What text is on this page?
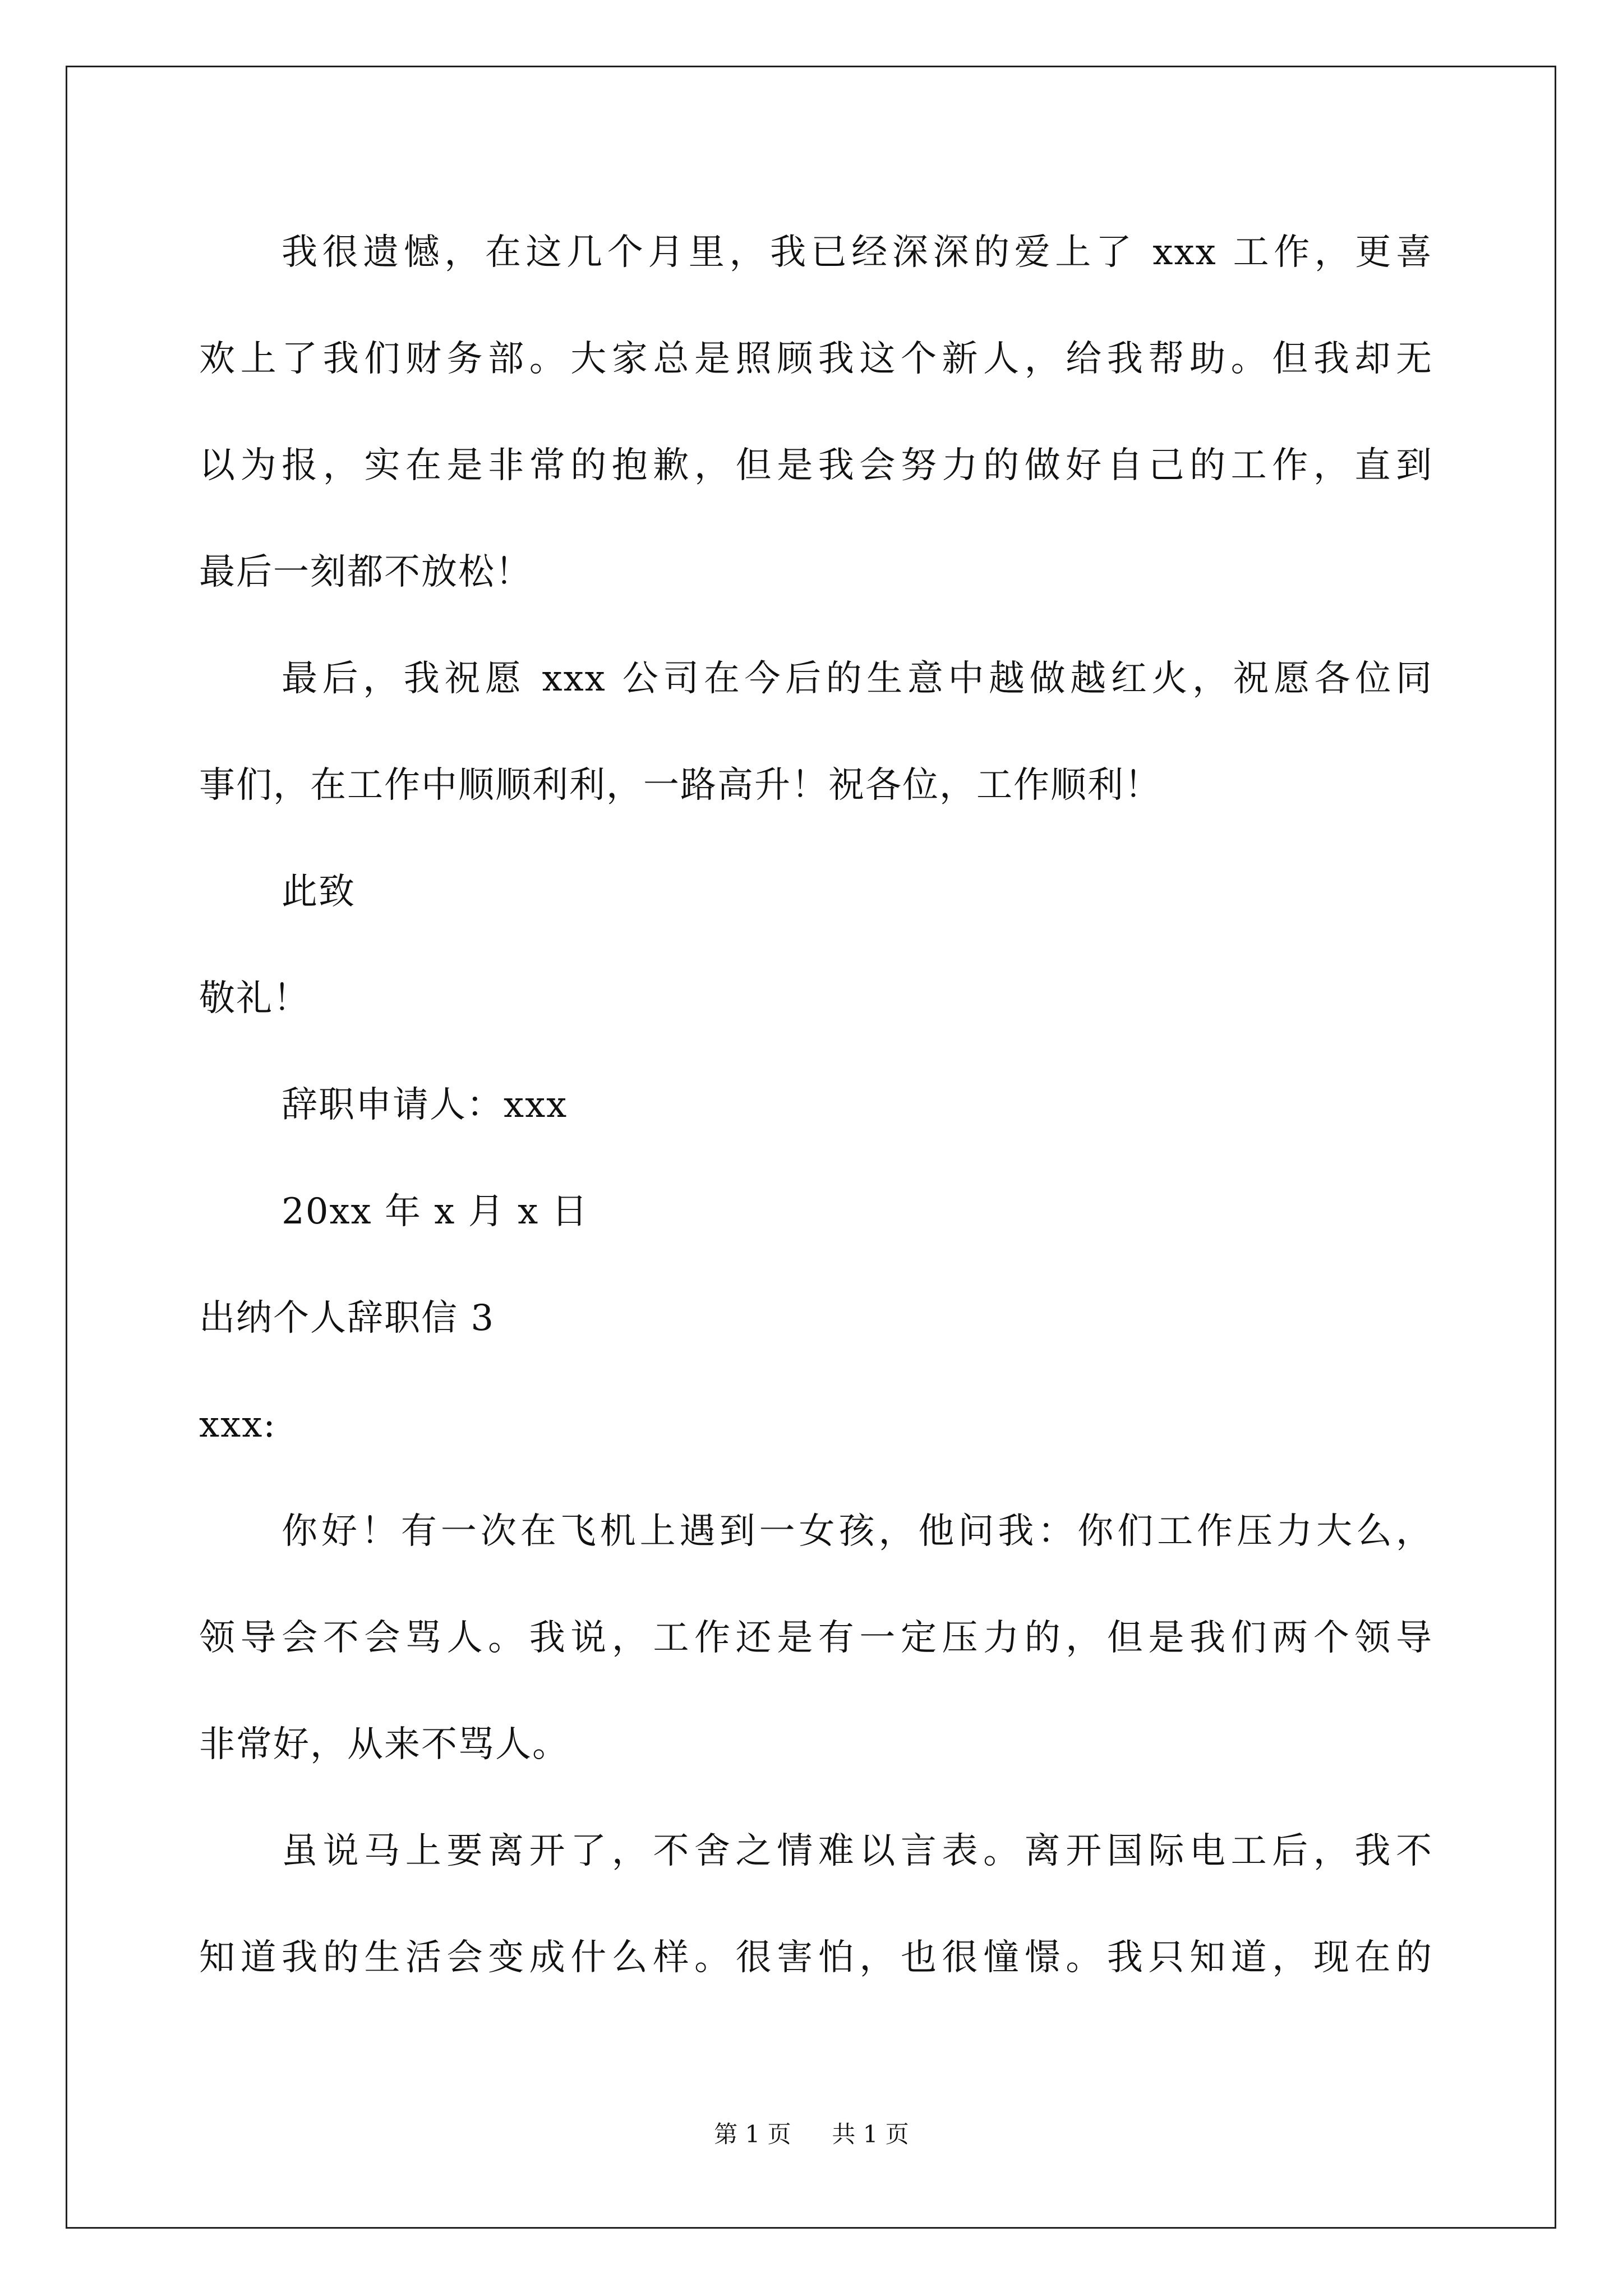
我很遗憾，在这几个月里，我已经深深的爱上了 xxx 工作，更喜
欢上了我们财务部。大家总是照顾我这个新人，给我帮助。但我却无
以为报，实在是非常的抱歉，但是我会努力的做好自己的工作，直到
最后一刻都不放松！
最后，我祝愿 xxx 公司在今后的生意中越做越红火，祝愿各位同
事们，在工作中顺顺利利，一路高升！祝各位，工作顺利！
此致
敬礼！
辞职申请人：xxx
20xx 年 x 月 x 日
出纳个人辞职信 3
xxx:
你好！有一次在飞机上遇到一女孩，他问我：你们工作压力大么，
领导会不会骂人。我说，工作还是有一定压力的，但是我们两个领导
非常好，从来不骂人。
虽说马上要离开了，不舍之情难以言表。离开国际电工后，我不
知道我的生活会变成什么样。很害怕，也很憧憬。我只知道，现在的
第 1 页 共 1 页
